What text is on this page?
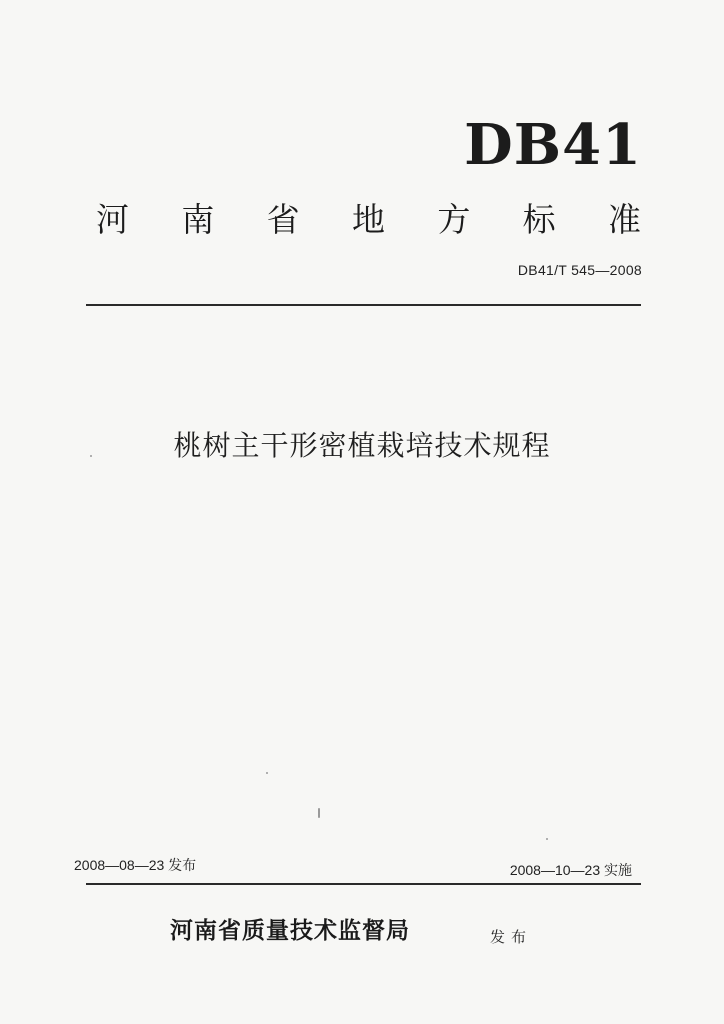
DB41
河 南 省 地 方 标 准
DB41/T 545—2008
桃树主干形密植栽培技术规程
2008—08—23 发布	2008—10—23 实施
河南省质量技术监督局	发布
